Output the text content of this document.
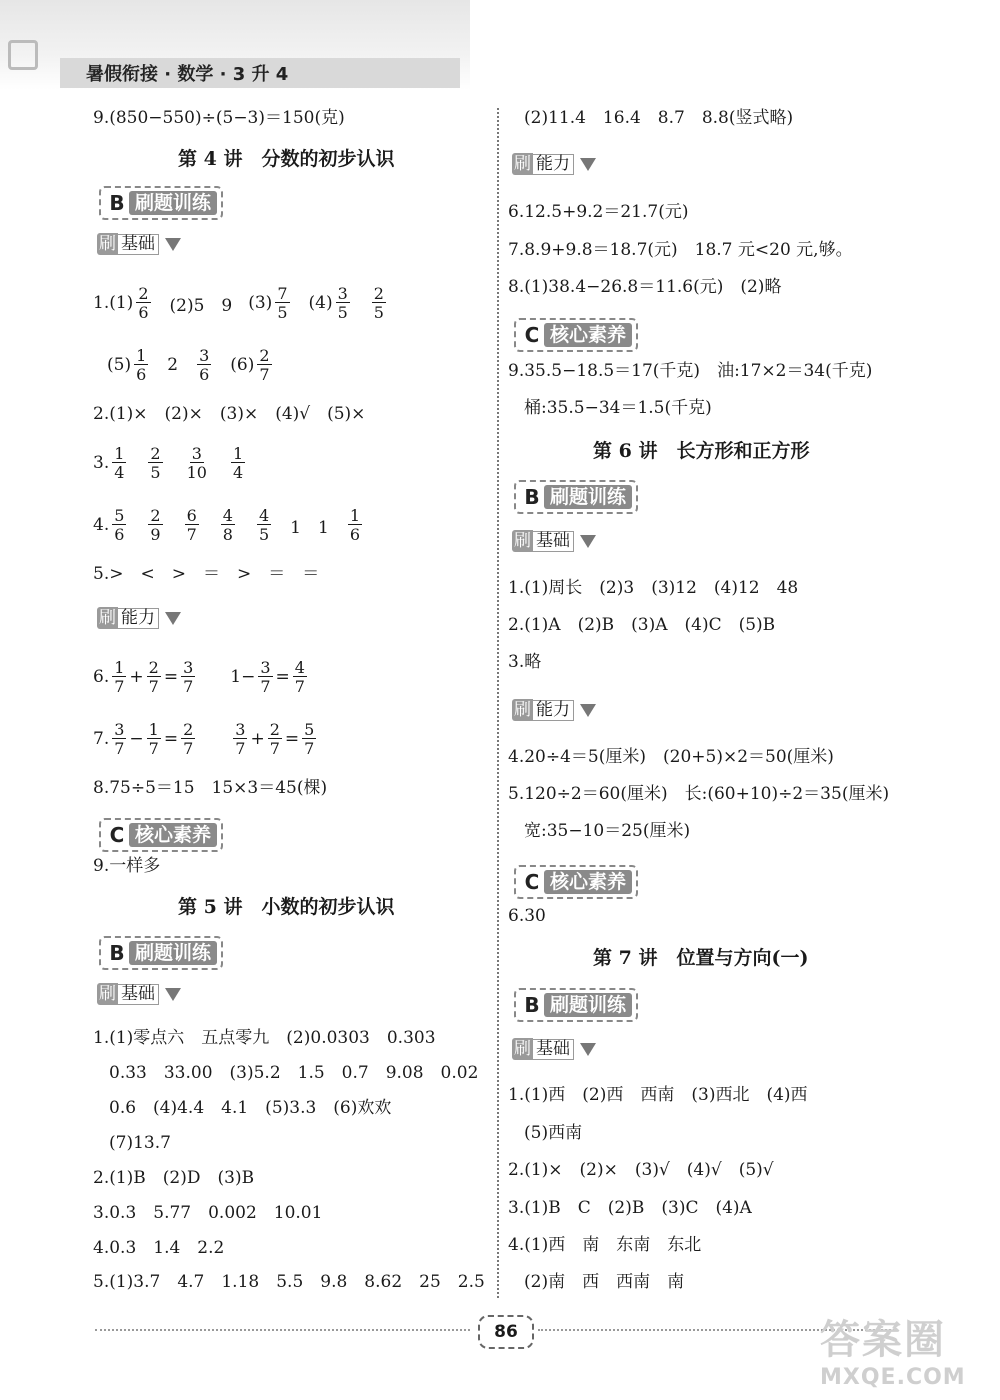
暑假衔接 · 数学 · 3 升 4
9.(850−550)÷(5−3)＝150(克)
第 4 讲　分数的初步认识
B 刷题训练
刷 基础
1. $(1) \frac{2}{6} (2)5$　9 $(3) \frac{7}{5} (4) \frac{3}{5} \frac{2}{5}$
$(5) \frac{1}{6} 2 \frac{3}{6} (6) \frac{2}{7}$
2.(1)×　(2)×　(3)×　(4)√　(5)×
3. $\frac{1}{4} \frac{2}{5} \frac{3}{10} \frac{1}{4}$
4. $\frac{5}{6} \frac{2}{9} \frac{6}{7} \frac{4}{8} \frac{4}{5} 1$　$1 \frac{1}{6}$
5.>　<　>　＝　>　＝　＝
刷 能力
6. $\frac{1}{7} + \frac{2}{7} = \frac{3}{7} 1- \frac{3}{7} = \frac{4}{7}$
7. $\frac{3}{7} - \frac{1}{7} = \frac{2}{7} \frac{3}{7} + \frac{2}{7} = \frac{5}{7}$
8.75÷5＝15　15×3＝45(棵)
C 核心素养
9.一样多
第 5 讲　小数的初步认识
B 刷题训练
刷 基础
1.(1)零点六　五点零九　(2)0.0303　0.303
0.33　33.00　(3)5.2　1.5　0.7　9.08　0.02
0.6　(4)4.4　4.1　(5)3.3　(6)欢欢
(7)13.7
2.(1)B　(2)D　(3)B
3.0.3　5.77　0.002　10.01
4.0.3　1.4　2.2
5.(1)3.7　4.7　1.18　5.5　9.8　8.62　25　2.5
(2)11.4　16.4　8.7　8.8(竖式略)
刷 能力
6.12.5+9.2＝21.7(元)
7.8.9+9.8＝18.7(元)　18.7 元<20 元,够。
8.(1)38.4−26.8＝11.6(元)　(2)略
C 核心素养
9.35.5−18.5＝17(千克)　油:17×2＝34(千克)
桶:35.5−34＝1.5(千克)
第 6 讲　长方形和正方形
B 刷题训练
刷 基础
1.(1)周长　(2)3　(3)12　(4)12　48
2.(1)A　(2)B　(3)A　(4)C　(5)B
3.略
刷 能力
4.20÷4＝5(厘米)　(20+5)×2＝50(厘米)
5.120÷2＝60(厘米)　长:(60+10)÷2＝35(厘米)
宽:35−10＝25(厘米)
C 核心素养
6.30
第 7 讲　位置与方向(一)
B 刷题训练
刷 基础
1.(1)西　(2)西　西南　(3)西北　(4)西
(5)西南
2.(1)×　(2)×　(3)√　(4)√　(5)√
3.(1)B　C　(2)B　(3)C　(4)A
4.(1)西　南　东南　东北
(2)南　西　西南　南
86	答案圈
MXQE.COM
